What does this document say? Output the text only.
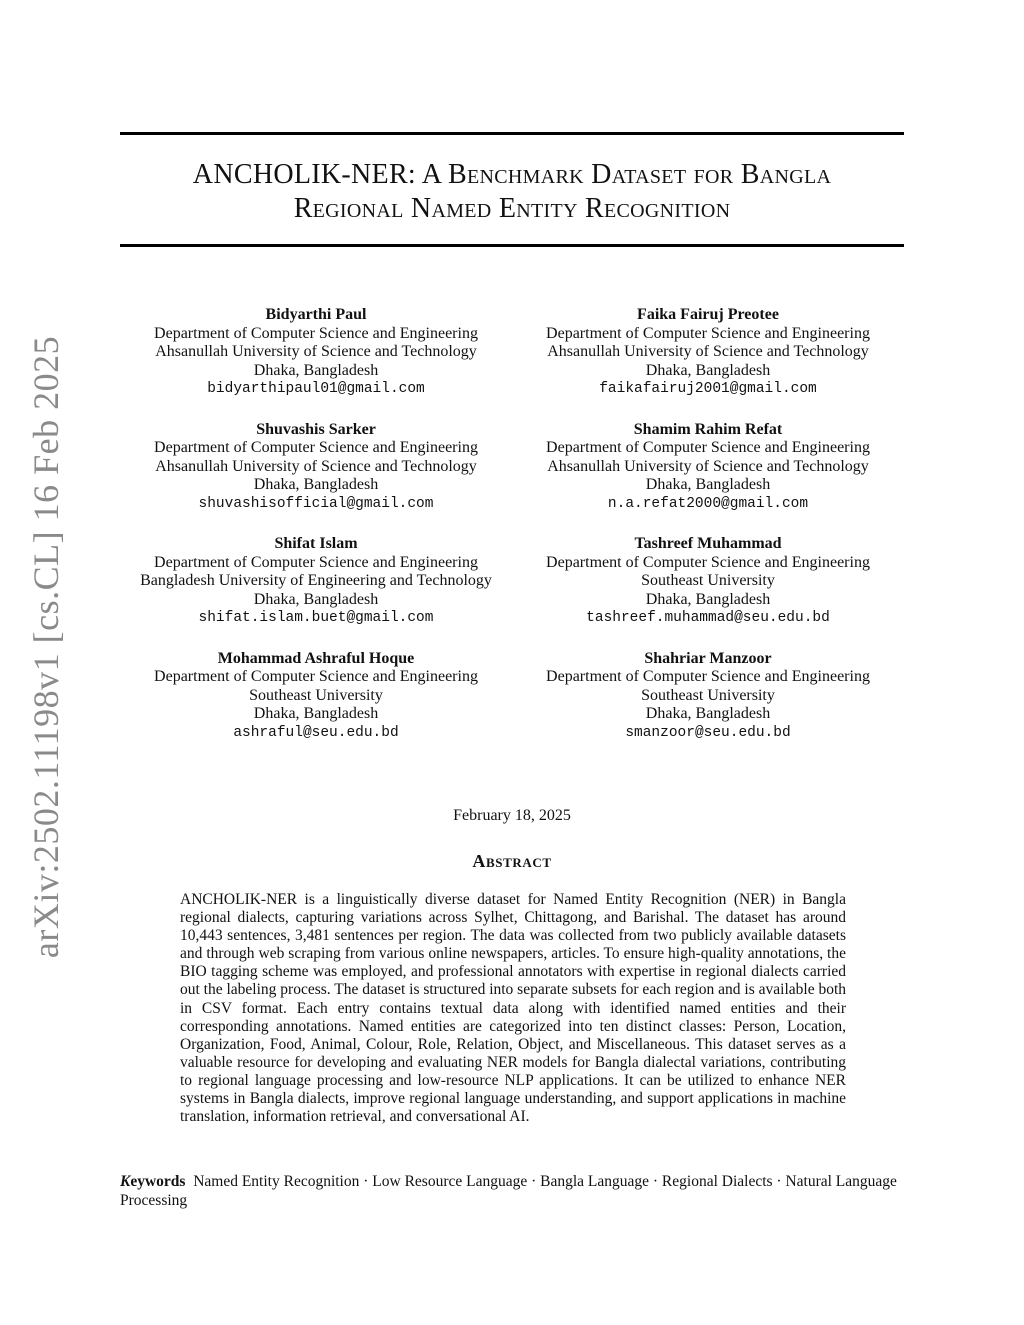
arXiv:2502.11198v1 [cs.CL] 16 Feb 2025
ANCHOLIK-NER: A Benchmark Dataset for Bangla
Regional Named Entity Recognition
Bidyarthi Paul
Department of Computer Science and Engineering
Ahsanullah University of Science and Technology
Dhaka, Bangladesh
bidyarthipaul01@gmail.com
Faika Fairuj Preotee
Department of Computer Science and Engineering
Ahsanullah University of Science and Technology
Dhaka, Bangladesh
faikafairuj2001@gmail.com
Shuvashis Sarker
Department of Computer Science and Engineering
Ahsanullah University of Science and Technology
Dhaka, Bangladesh
shuvashisofficial@gmail.com
Shamim Rahim Refat
Department of Computer Science and Engineering
Ahsanullah University of Science and Technology
Dhaka, Bangladesh
n.a.refat2000@gmail.com
Shifat Islam
Department of Computer Science and Engineering
Bangladesh University of Engineering and Technology
Dhaka, Bangladesh
shifat.islam.buet@gmail.com
Tashreef Muhammad
Department of Computer Science and Engineering
Southeast University
Dhaka, Bangladesh
tashreef.muhammad@seu.edu.bd
Mohammad Ashraful Hoque
Department of Computer Science and Engineering
Southeast University
Dhaka, Bangladesh
ashraful@seu.edu.bd
Shahriar Manzoor
Department of Computer Science and Engineering
Southeast University
Dhaka, Bangladesh
smanzoor@seu.edu.bd
February 18, 2025
Abstract
ANCHOLIK-NER is a linguistically diverse dataset for Named Entity Recognition (NER) in Bangla regional dialects, capturing variations across Sylhet, Chittagong, and Barishal. The dataset has around 10,443 sentences, 3,481 sentences per region. The data was collected from two publicly available datasets and through web scraping from various online newspapers, articles. To ensure high-quality annotations, the BIO tagging scheme was employed, and professional annotators with expertise in regional dialects carried out the labeling process. The dataset is structured into separate subsets for each region and is available both in CSV format. Each entry contains textual data along with identified named entities and their corresponding annotations. Named entities are categorized into ten distinct classes: Person, Location, Organization, Food, Animal, Colour, Role, Relation, Object, and Miscellaneous. This dataset serves as a valuable resource for developing and evaluating NER models for Bangla dialectal variations, contributing to regional language processing and low-resource NLP applications. It can be utilized to enhance NER systems in Bangla dialects, improve regional language understanding, and support applications in machine translation, information retrieval, and conversational AI.
Keywords Named Entity Recognition · Low Resource Language · Bangla Language · Regional Dialects · Natural Language Processing
